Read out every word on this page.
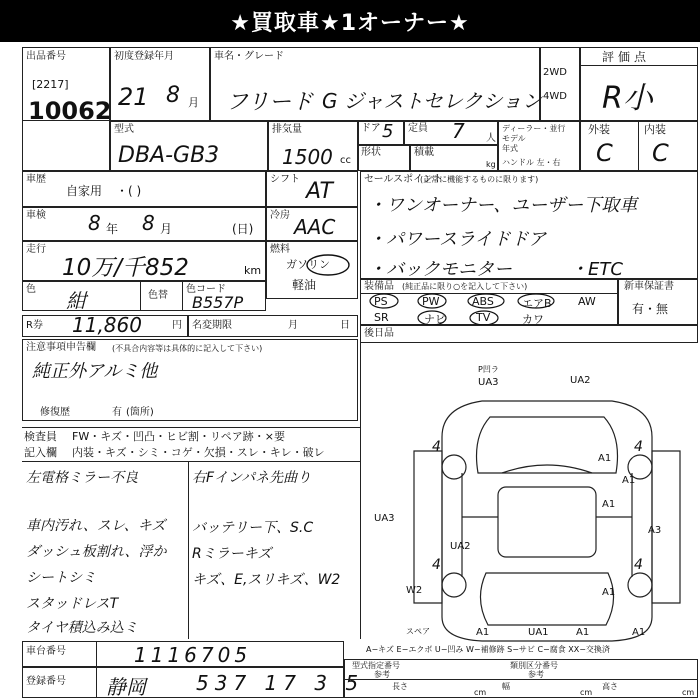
★買取車★1オーナー★
出品番号
[2217]
10062
初度登録年月
21 8 月
車名・グレード
フリード G ジャストセレクション
2WD
4WD
評価点
R小
型式
DBA-GB3
排気量
1500 cc
ドア 5 定員 7 人
ディーラー・並行
モデル
年式
ハンドル 左・右
形状	積載
kg
外装	内装
C C
車歴
自家用 ・( )
シフト AT
車検 8 年 8 月	(日)
冷房 AAC
走行
10万/千852	km
燃料
ガソリン
軽油
色 紺	色替
色コード
B557P
R券 11,860	円 名変期限	月	日
注意事項申告欄 (不具合内容等は具体的に記入して下さい)
純正外アルミ他
修復歴	有 (箇所)
セールスポイント
(正常に機能するものに限ります)
・ワンオーナー、ユーザー下取車
・パワースライドドア
・バックモニター	・ETC
装備品 (純正品に限り○を記入して下さい)
PS	PW	ABS	エアB AW
SR	ナビ	TV	カワ
新車保証書
有・無
後日品
検査員 FW・キズ・凹凸・ヒビ割・リペア跡・×要
記入欄 内装・キズ・シミ・コゲ・欠損・スレ・キレ・破レ
左電格ミラー不良
車内汚れ、スレ、キズ
ダッシュ板割れ、浮か
シートシミ
スタッドレスT
タイヤ積込み込ミ
右Fインパネ先曲り
バッテリー下、S.C
Rミラーキズ
キズ、E,スリキズ、W2
P凹ラ
UA3	UA2
4	4
A1
A1
A1
UA3
A3
UA2
W2
4	4
A1
A1	UA1	A1	A1
スペア
A−キズ E−エクボ U−凹み W−補修跡 S−サビ C−腐食 XX−交換済
車台番号	1116705
登録番号 静岡	537 17 3 5
型式指定番号
参考
類別区分番号
参考
長さ
cm
幅
cm
高さ
cm
